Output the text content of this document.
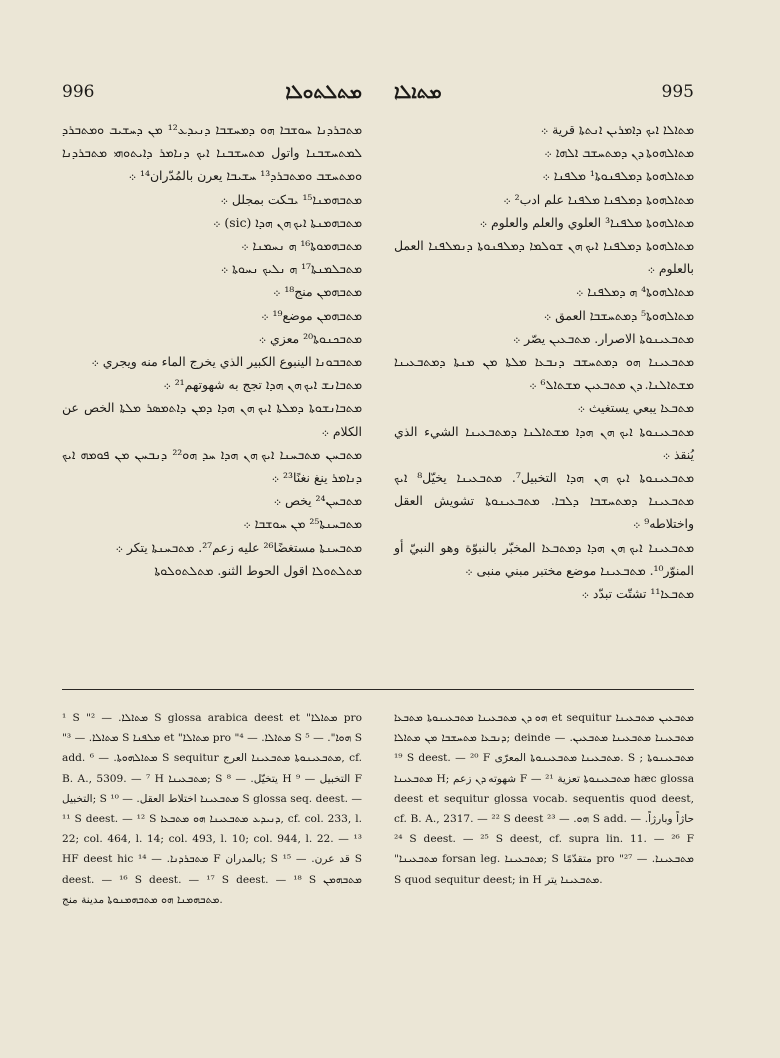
996	ܡܬܠܬܘܠܐ	995
ܡܬܐܠܐ

ܡܬܒܪܕܢܐ ܚܘܫܒܐ ܗܘ ܕܡܚܫܒܐ ܕܢܝܕܥ¹² ܡܢ ܕܚܫܝܒ ܘܡܬܒܪܕ ܠܡܬܚܫܒܢܐ واتول ܡܬܚܫܒܢܐ ܐܝܟ ܕܢܐܡܪ ܕܐܝܬܘܗܝ ܡܬܒܪܕܢܐ ܘܡܬܚܫܒ ܘܡܬܒܪܕ¹³ ܚܫܝܒܐ يعرن بالمُدّران¹⁴ ܀

ܡܬܒܗܡܢܐ¹⁵ ܝܒكت بمجلل ܀

ܡܬܒܗܡܢܬܐ ܐܝܟ ܗܢ ܗܕܐ (sic) ܀

ܡܬܒܗܡܘܬܐ¹⁶ ܗ ܢܚܡܢܐ ܀

ܡܬܒܠܡܢܬܐ¹⁷ ܗ ܢܠܝܟ ܢܚܘܬܐ ܀

ܡܬܒܗܡܢ منج¹⁸ ܀

ܡܬܒܗܡܢ موضع¹⁹ ܀

ܡܬܒܟܢܘܬܐ²⁰ معزي ܀

ܡܬܒܒܘܢܐ الينبوع الكبير الذي يخرج الماء منه ويجري ܀

ܡܬܒܐܢܫ ܐܝܟ ܗܢ ܗܕܐ تجج به شهوتهم²¹ ܀

ܡܬܒܐܢܫܘܬܐ ܕܡܠܬܐ ܐܝܟ ܗܢ ܗܕܐ ܕܡܢ ܕܐܬܡܣܪ ܡܠܬܐ الخص عن الكلام ܀

ܡܬܒܚܢ ܡܬܒܚܢܐ ܐܝܟ ܗܢ ܗܕܐ ܚܕ ܗܘ²² ܕܢܒܚܢ ܡܢ ܦܘܡܗ ܐܝܟ ܕܢܐܡܪ ينغ نغنًا²³ ܀

ܡܬܒܚܢ²⁴ يخص ܀

ܡܬܒܚܢܬܐ²⁵ ܡܢ ܚܘܫܒܐ ܀

ܡܬܒܚܢܬܐ مستغضًا²⁶ عليه زعم²⁷. ܡܬܒܚܢܬܐ يتكر ܀

ܡܬܠܬܘܠܐ اقول الحوط الثنو. ܡܬܠܬܘܠܘܬܐ

ܡܬܐܠܐ ܐܝܟ ܕܐܡܪܝܢ ܐܢܬܬܐ قرية ܀

ܡܬܐܠܗܘܬܐ ܕܢ ܕܡܬܚܫܒ ܐܠܗܐ ܀

ܡܬܐܠܗܘܬܐ ܕܡܠܦܢܘܬܐ¹ ܡܠܦܢܐ ܀

ܡܬܐܠܗܘܬܐ ܕܡܠܦܢܐ ܡܠܦܢܐ علم ادب² ܀

ܡܬܐܠܗܘܬܐ ܡܠܦܢܐ³ العلوي والعلم والعلوم ܀

ܡܬܐܠܗܘܬܐ ܕܡܠܦܢܐ ܐܝܟ ܗܢ ܫܘܠܡܐ ܕܡܠܦܢܘܬܐ ܕܢܡܠܦܢܐ العمل بالعلوم ܀

ܡܬܐܠܗܘܬܐ⁴ ܗ ܕܡܠܦܢܐ ܀

ܡܬܐܠܗܘܬܐ⁵ ܕܡܬܚܫܒܐ العمق ܀

ܡܬܒܥܝܢܘܬܐ الاصرار. ܡܬܒܥܝܢ يصّر ܀

ܡܬܒܥܝܢܐ ܗܘ ܕܡܬܚܫܒ ܕܢܒܥܐ ܡܠܬܐ ܡܢ ܡܢܬܐ ܕܡܬܒܥܝܢܐ ܡܫܬܐܠܢܐ. ܕܢ ܡܬܒܥܝܢ ܡܫܬܐܠ⁶ ܀

ܡܬܒܥܐ يبعي يستغيث ܀

ܡܬܒܥܝܢܘܬܐ ܐܝܟ ܗܢ ܗܕܐ ܡܫܬܐܠܢܐ ܕܡܬܒܥܝܢܐ الشيء الذي يُنقذ ܀

ܡܬܒܥܝܢܘܬܐ ܐܝܟ ܗܢ ܗܕܐ التخبيل⁷. ܡܬܒܥܝܢܐ يخيّل⁸ ܐܝܟ ܡܬܒܥܝܢܐ ܕܡܬܚܫܒܐ ܕܠܒܐ. ܡܬܒܥܝܢܘܬܐ تشويش العقل واختلاطه⁹ ܀

ܡܬܒܥܝܢܐ ܐܝܟ ܗܢ ܗܕܐ ܕܡܬܒܥܐ المخبّر بالنبوّة وهو النبيّ أو المنوّر¹⁰. ܡܬܒܥܝܢܐ موضع مختبر مبني منبى ܀

ܡܬܒܥܐ¹¹ تشتّت تبدّد ܀

¹ S "ܡܬܐܠܐ. — ² S glossa arabica deest et "ܡܬܐܠܐ pro "ܡܬܐܠܐ. — ³ S ܡܠܦܢܐ et "ܡܬܐܠܐ pro "ܡܬܐܠܐ. — ⁴ S ܗܘܐ". — ⁵ S add. ܡܬܐܠܗܘܬܐ. — ⁶ S sequitur ܡܬܒܥܝܢܘܬܐ ܡܬܒܥܝܢܐ العرج, cf. B. A., 5309. — ⁷ H ܡܬܒܥܝܢܐ; S يتخيّل. — ⁸ H التخبيل — ⁹ F التخبيل; S ܡܬܒܥܝܢܐ اختلاط العقل. — ¹⁰ S glossa seq. deest. — ¹¹ S deest. — ¹² S ܕܢܝܕܥ ܡܬܒܥܝܢܐ ܗܘ ܡܬܒܥܐ, cf. col. 233, l. 22; col. 464, l. 14; col. 493, l. 10; col. 944, l. 22. — ¹³ HF deest hic ܡܬܒܪܕܢܐ. — ¹⁴ F بالمدران; S قد عرن. — ¹⁵ S deest. — ¹⁶ S deest. — ¹⁷ S deest. — ¹⁸ S ܡܬܒܗܡܢ ܡܬܒܗܡܢܐ ܗܘ ܡܬܒܗܡܢܘܬܐ مدينة منج.

ܗܘ ܕܢ ܡܬܒܥܝܢܐ ܡܬܒܥܝܢܘܬܐ ܡܬܒܥܐ et sequitur ܡܬܒܥܝܢ ܡܬܒܥܝܢܐ ܕܢܒܥܐ ܡܬܚܫܒܐ ܡܢ ܡܬܐܠܐ; deinde ܡܬܒܥܝܢܐ ܡܬܒܥܝܢܐ ܡܬܒܥܝܢ. — ¹⁹ S deest. — ²⁰ F ܡܬܒܥܝܢܐ ܡܬܒܥܝܢܘܬܐ المعرّى. S ; ܡܬܒܥܝܢܘܬܐ ܡܬܒܥܝܢܐ H; شهوته ܕܢ زعم F — ²¹ ܡܬܒܥܝܢܘܬܐ تعزية hæc glossa deest et sequitur glossa vocab. sequentis quod deest, cf. B. A., 2317. — ²² S deest ܗܘ. — ²³ S add. حاژاً وبارژاً. — ²⁴ S deest. — ²⁵ S deest, cf. supra lin. 11. — ²⁶ F "ܡܬܒܥܝܢܐ forsan leg. ܡܬܒܥܝܢܐ; S متقدّمًا pro "ܡܬܒܥܝܢܐ. — ²⁷ S quod sequitur deest; in H ܡܬܒܥܝܢܐ يتر.
